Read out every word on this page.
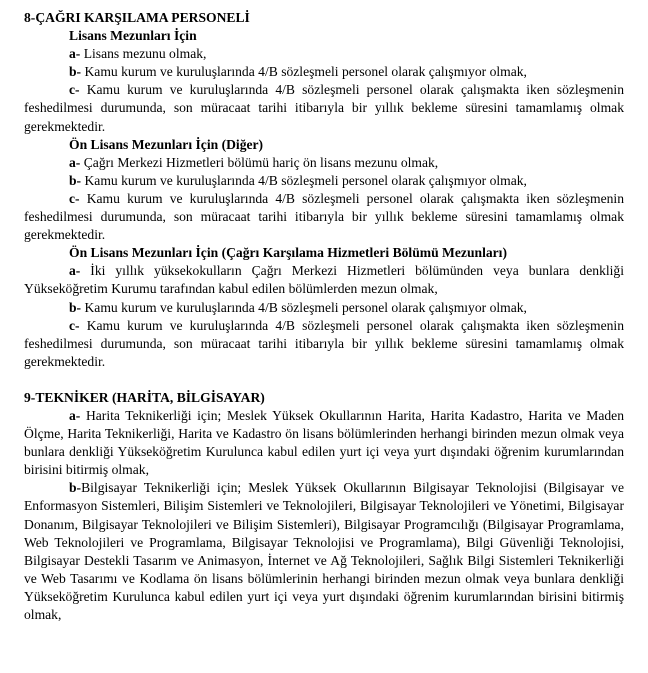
8-ÇAĞRI KARŞILAMA PERSONELİ
Lisans Mezunları İçin
a- Lisans mezunu olmak,
b- Kamu kurum ve kuruluşlarında 4/B sözleşmeli personel olarak çalışmıyor olmak,
c- Kamu kurum ve kuruluşlarında 4/B sözleşmeli personel olarak çalışmakta iken sözleşmenin feshedilmesi durumunda, son müracaat tarihi itibarıyla bir yıllık bekleme süresini tamamlamış olmak gerekmektedir.
Ön Lisans Mezunları İçin (Diğer)
a- Çağrı Merkezi Hizmetleri bölümü hariç ön lisans mezunu olmak,
b- Kamu kurum ve kuruluşlarında 4/B sözleşmeli personel olarak çalışmıyor olmak,
c- Kamu kurum ve kuruluşlarında 4/B sözleşmeli personel olarak çalışmakta iken sözleşmenin feshedilmesi durumunda, son müracaat tarihi itibarıyla bir yıllık bekleme süresini tamamlamış olmak gerekmektedir.
Ön Lisans Mezunları İçin (Çağrı Karşılama Hizmetleri Bölümü Mezunları)
a- İki yıllık yüksekokulların Çağrı Merkezi Hizmetleri bölümünden veya bunlara denkliği Yükseköğretim Kurumu tarafından kabul edilen bölümlerden mezun olmak,
b- Kamu kurum ve kuruluşlarında 4/B sözleşmeli personel olarak çalışmıyor olmak,
c- Kamu kurum ve kuruluşlarında 4/B sözleşmeli personel olarak çalışmakta iken sözleşmenin feshedilmesi durumunda, son müracaat tarihi itibarıyla bir yıllık bekleme süresini tamamlamış olmak gerekmektedir.
9-TEKNİKER (HARİTA, BİLGİSAYAR)
a- Harita Teknikerliği için; Meslek Yüksek Okullarının Harita, Harita Kadastro, Harita ve Maden Ölçme, Harita Teknikerliği, Harita ve Kadastro ön lisans bölümlerinden herhangi birinden mezun olmak veya bunlara denkliği Yükseköğretim Kurulunca kabul edilen yurt içi veya yurt dışındaki öğrenim kurumlarından birisini bitirmiş olmak,
b-Bilgisayar Teknikerliği için; Meslek Yüksek Okullarının Bilgisayar Teknolojisi (Bilgisayar ve Enformasyon Sistemleri, Bilişim Sistemleri ve Teknolojileri, Bilgisayar Teknolojileri ve Yönetimi, Bilgisayar Donanım, Bilgisayar Teknolojileri ve Bilişim Sistemleri), Bilgisayar Programcılığı (Bilgisayar Programlama, Web Teknolojileri ve Programlama, Bilgisayar Teknolojisi ve Programlama), Bilgi Güvenliği Teknolojisi, Bilgisayar Destekli Tasarım ve Animasyon, İnternet ve Ağ Teknolojileri, Sağlık Bilgi Sistemleri Teknikerliği ve Web Tasarımı ve Kodlama ön lisans bölümlerinin herhangi birinden mezun olmak veya bunlara denkliği Yükseköğretim Kurulunca kabul edilen yurt içi veya yurt dışındaki öğrenim kurumlarından birisini bitirmiş olmak,
